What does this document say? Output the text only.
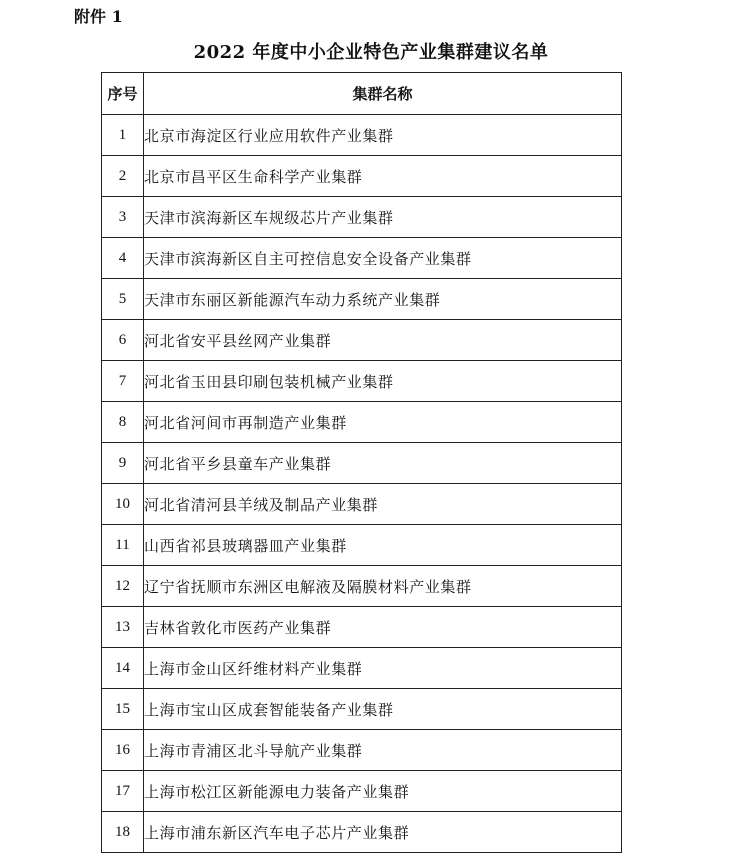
附件 1
2022 年度中小企业特色产业集群建议名单
序号	集群名称
1	北京市海淀区行业应用软件产业集群
2	北京市昌平区生命科学产业集群
3	天津市滨海新区车规级芯片产业集群
4	天津市滨海新区自主可控信息安全设备产业集群
5	天津市东丽区新能源汽车动力系统产业集群
6	河北省安平县丝网产业集群
7	河北省玉田县印刷包装机械产业集群
8	河北省河间市再制造产业集群
9	河北省平乡县童车产业集群
10	河北省清河县羊绒及制品产业集群
11	山西省祁县玻璃器皿产业集群
12	辽宁省抚顺市东洲区电解液及隔膜材料产业集群
13	吉林省敦化市医药产业集群
14	上海市金山区纤维材料产业集群
15	上海市宝山区成套智能装备产业集群
16	上海市青浦区北斗导航产业集群
17	上海市松江区新能源电力装备产业集群
18	上海市浦东新区汽车电子芯片产业集群
